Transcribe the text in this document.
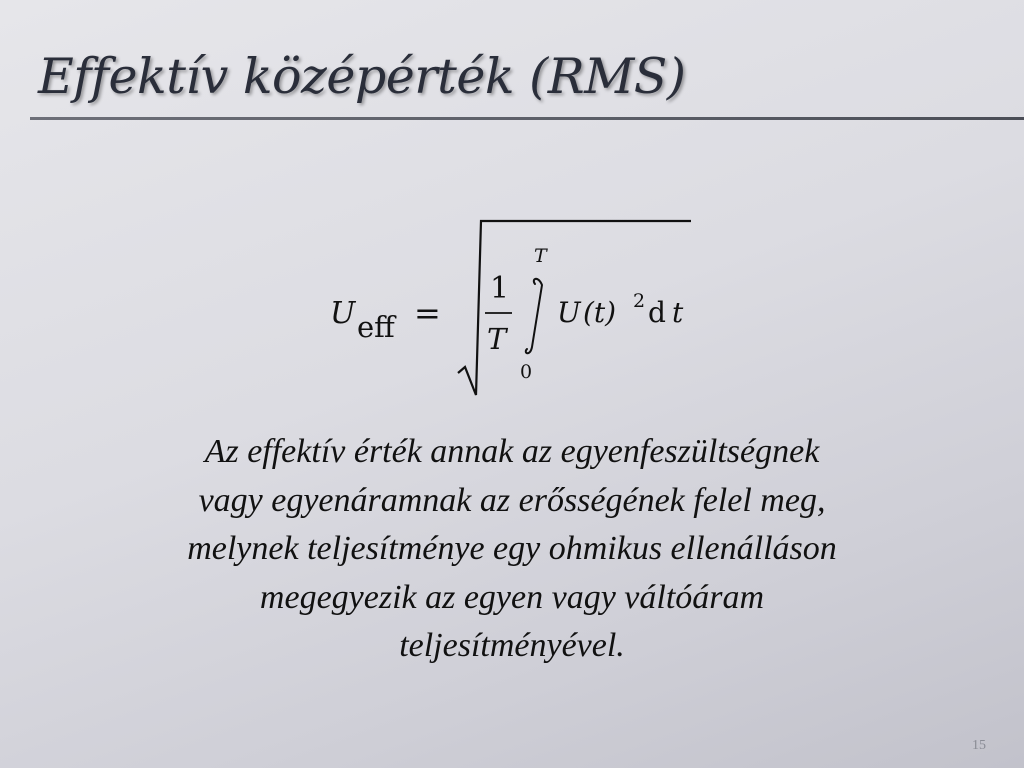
Effektív középérték (RMS)
U eff =
1
T
T
0
U (t) 2 d t
Az effektív érték annak az egyenfeszültségnek
vagy egyenáramnak az erősségének felel meg,
melynek teljesítménye egy ohmikus ellenálláson
megegyezik az egyen vagy váltóáram
teljesítményével.
15
